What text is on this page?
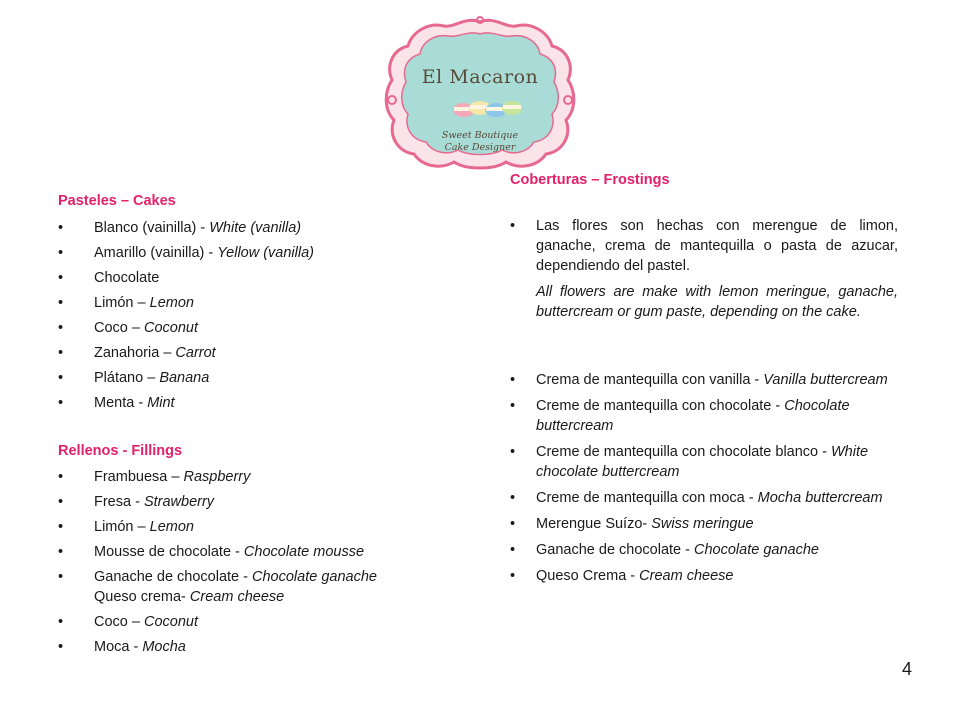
El Macaron
Sweet Boutique
Cake Designer
Pasteles – Cakes
• Blanco (vainilla) - White (vanilla)
• Amarillo (vainilla) - Yellow (vanilla)
• Chocolate
• Limón – Lemon
• Coco – Coconut
• Zanahoria – Carrot
• Plátano – Banana
• Menta - Mint
Rellenos - Fillings
• Frambuesa – Raspberry
• Fresa - Strawberry
• Limón – Lemon
• Mousse de chocolate - Chocolate mousse
• Ganache de chocolate - Chocolate ganache
Queso crema- Cream cheese
• Coco – Coconut
• Moca - Mocha
Coberturas – Frostings
• Las flores son hechas con merengue de limon, ganache, crema de mantequilla o pasta de azucar, dependiendo del pastel.
All flowers are make with lemon meringue, ganache, buttercream or gum paste, depending on the cake.
• Crema de mantequilla con vanilla - Vanilla buttercream
• Creme de mantequilla con chocolate - Chocolate buttercream
• Creme de mantequilla con chocolate blanco - White chocolate buttercream
• Creme de mantequilla con moca - Mocha buttercream
• Merengue Suízo- Swiss meringue
• Ganache de chocolate - Chocolate ganache
• Queso Crema - Cream cheese
4
